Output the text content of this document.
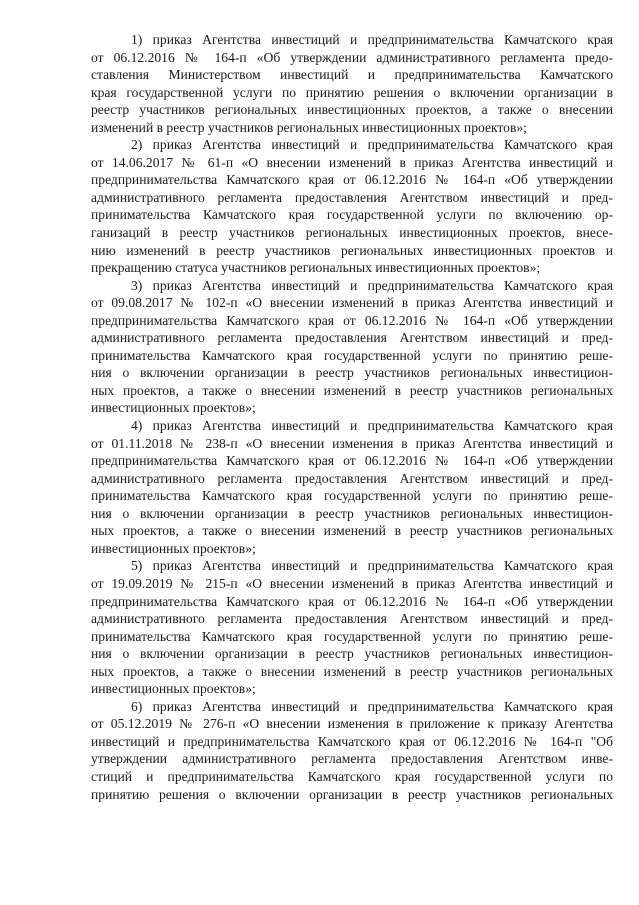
1) приказ Агентства инвестиций и предпринимательства Камчатского края
от 06.12.2016 № 164-п «Об утверждении административного регламента предо-
ставления Министерством инвестиций и предпринимательства Камчатского
края государственной услуги по принятию решения о включении организации в
реестр участников региональных инвестиционных проектов, а также о внесении
изменений в реестр участников региональных инвестиционных проектов»;

2) приказ Агентства инвестиций и предпринимательства Камчатского края
от 14.06.2017 № 61-п «О внесении изменений в приказ Агентства инвестиций и
предпринимательства Камчатского края от 06.12.2016 № 164-п «Об утверждении
административного регламента предоставления Агентством инвестиций и пред-
принимательства Камчатского края государственной услуги по включению ор-
ганизаций в реестр участников региональных инвестиционных проектов, внесе-
нию изменений в реестр участников региональных инвестиционных проектов и
прекращению статуса участников региональных инвестиционных проектов»;

3) приказ Агентства инвестиций и предпринимательства Камчатского края
от 09.08.2017 № 102-п «О внесении изменений в приказ Агентства инвестиций и
предпринимательства Камчатского края от 06.12.2016 № 164-п «Об утверждении
административного регламента предоставления Агентством инвестиций и пред-
принимательства Камчатского края государственной услуги по принятию реше-
ния о включении организации в реестр участников региональных инвестицион-
ных проектов, а также о внесении изменений в реестр участников региональных
инвестиционных проектов»;

4) приказ Агентства инвестиций и предпринимательства Камчатского края
от 01.11.2018 № 238-п «О внесении изменения в приказ Агентства инвестиций и
предпринимательства Камчатского края от 06.12.2016 № 164-п «Об утверждении
административного регламента предоставления Агентством инвестиций и пред-
принимательства Камчатского края государственной услуги по принятию реше-
ния о включении организации в реестр участников региональных инвестицион-
ных проектов, а также о внесении изменений в реестр участников региональных
инвестиционных проектов»;

5) приказ Агентства инвестиций и предпринимательства Камчатского края
от 19.09.2019 № 215-п «О внесении изменений в приказ Агентства инвестиций и
предпринимательства Камчатского края от 06.12.2016 № 164-п «Об утверждении
административного регламента предоставления Агентством инвестиций и пред-
принимательства Камчатского края государственной услуги по принятию реше-
ния о включении организации в реестр участников региональных инвестицион-
ных проектов, а также о внесении изменений в реестр участников региональных
инвестиционных проектов»;

6) приказ Агентства инвестиций и предпринимательства Камчатского края
от 05.12.2019 № 276-п «О внесении изменения в приложение к приказу Агентства
инвестиций и предпринимательства Камчатского края от 06.12.2016 № 164-п "Об
утверждении административного регламента предоставления Агентством инве-
стиций и предпринимательства Камчатского края государственной услуги по
принятию решения о включении организации в реестр участников региональных
